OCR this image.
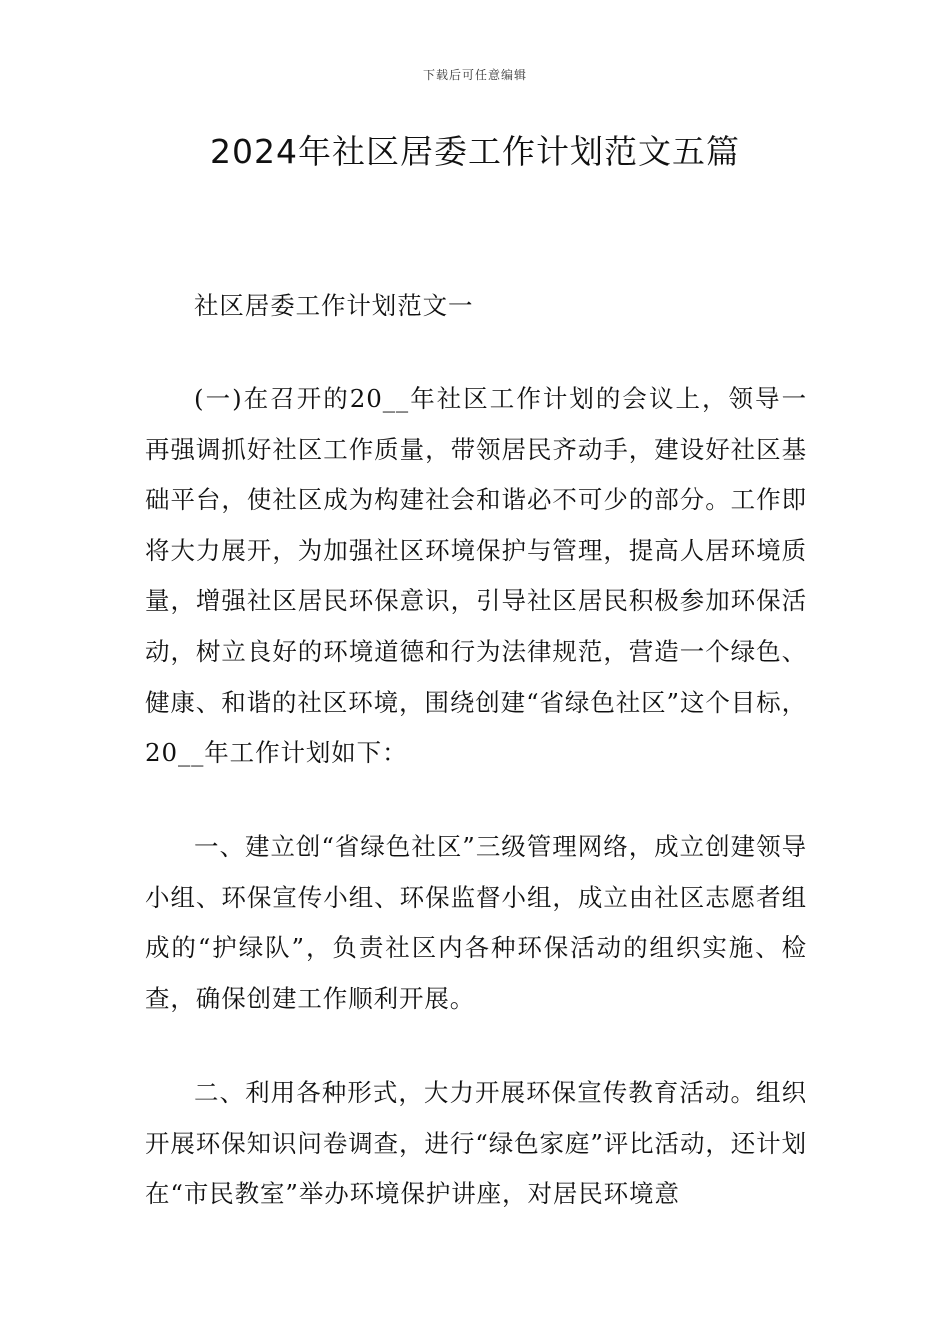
下载后可任意编辑
2024年社区居委工作计划范文五篇

社区居委工作计划范文一

(一)在召开的20__年社区工作计划的会议上，领导一再强调抓好社区工作质量，带领居民齐动手，建设好社区基础平台，使社区成为构建社会和谐必不可少的部分。工作即将大力展开，为加强社区环境保护与管理，提高人居环境质量，增强社区居民环保意识，引导社区居民积极参加环保活动，树立良好的环境道德和行为法律规范，营造一个绿色、健康、和谐的社区环境，围绕创建“省绿色社区”这个目标，20__年工作计划如下：

一、建立创“省绿色社区”三级管理网络，成立创建领导小组、环保宣传小组、环保监督小组，成立由社区志愿者组成的“护绿队”，负责社区内各种环保活动的组织实施、检查，确保创建工作顺利开展。

二、利用各种形式，大力开展环保宣传教育活动。组织开展环保知识问卷调查，进行“绿色家庭”评比活动，还计划在“市民教室”举办环境保护讲座，对居民环境意
